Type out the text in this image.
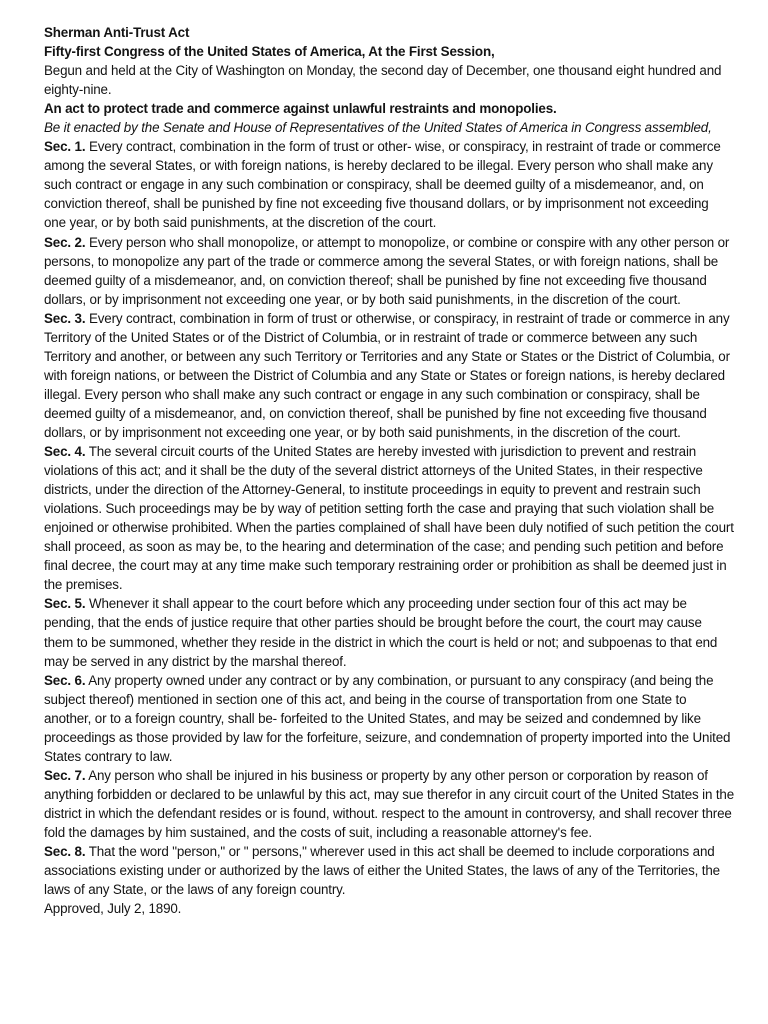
Sherman Anti-Trust Act

Fifty-first Congress of the United States of America, At the First Session,

Begun and held at the City of Washington on Monday, the second day of December, one thousand eight hundred and eighty-nine.

An act to protect trade and commerce against unlawful restraints and monopolies.

Be it enacted by the Senate and House of Representatives of the United States of America in Congress assembled,

Sec. 1. Every contract, combination in the form of trust or other- wise, or conspiracy, in restraint of trade or commerce among the several States, or with foreign nations, is hereby declared to be illegal. Every person who shall make any such contract or engage in any such combination or conspiracy, shall be deemed guilty of a misdemeanor, and, on conviction thereof, shall be punished by fine not exceeding five thousand dollars, or by imprisonment not exceeding one year, or by both said punishments, at the discretion of the court.

Sec. 2. Every person who shall monopolize, or attempt to monopolize, or combine or conspire with any other person or persons, to monopolize any part of the trade or commerce among the several States, or with foreign nations, shall be deemed guilty of a misdemeanor, and, on conviction thereof; shall be punished by fine not exceeding five thousand dollars, or by imprisonment not exceeding one year, or by both said punishments, in the discretion of the court.

Sec. 3. Every contract, combination in form of trust or otherwise, or conspiracy, in restraint of trade or commerce in any Territory of the United States or of the District of Columbia, or in restraint of trade or commerce between any such Territory and another, or between any such Territory or Territories and any State or States or the District of Columbia, or with foreign nations, or between the District of Columbia and any State or States or foreign nations, is hereby declared illegal. Every person who shall make any such contract or engage in any such combination or conspiracy, shall be deemed guilty of a misdemeanor, and, on conviction thereof, shall be punished by fine not exceeding five thousand dollars, or by imprisonment not exceeding one year, or by both said punishments, in the discretion of the court.

Sec. 4. The several circuit courts of the United States are hereby invested with jurisdiction to prevent and restrain violations of this act; and it shall be the duty of the several district attorneys of the United States, in their respective districts, under the direction of the Attorney-General, to institute proceedings in equity to prevent and restrain such violations. Such proceedings may be by way of petition setting forth the case and praying that such violation shall be enjoined or otherwise prohibited. When the parties complained of shall have been duly notified of such petition the court shall proceed, as soon as may be, to the hearing and determination of the case; and pending such petition and before final decree, the court may at any time make such temporary restraining order or prohibition as shall be deemed just in the premises.

Sec. 5. Whenever it shall appear to the court before which any proceeding under section four of this act may be pending, that the ends of justice require that other parties should be brought before the court, the court may cause them to be summoned, whether they reside in the district in which the court is held or not; and subpoenas to that end may be served in any district by the marshal thereof.

Sec. 6. Any property owned under any contract or by any combination, or pursuant to any conspiracy (and being the subject thereof) mentioned in section one of this act, and being in the course of transportation from one State to another, or to a foreign country, shall be- forfeited to the United States, and may be seized and condemned by like proceedings as those provided by law for the forfeiture, seizure, and condemnation of property imported into the United States contrary to law.

Sec. 7. Any person who shall be injured in his business or property by any other person or corporation by reason of anything forbidden or declared to be unlawful by this act, may sue therefor in any circuit court of the United States in the district in which the defendant resides or is found, without. respect to the amount in controversy, and shall recover three fold the damages by him sustained, and the costs of suit, including a reasonable attorney's fee.

Sec. 8. That the word "person," or " persons," wherever used in this act shall be deemed to include corporations and associations existing under or authorized by the laws of either the United States, the laws of any of the Territories, the laws of any State, or the laws of any foreign country.

Approved, July 2, 1890.
